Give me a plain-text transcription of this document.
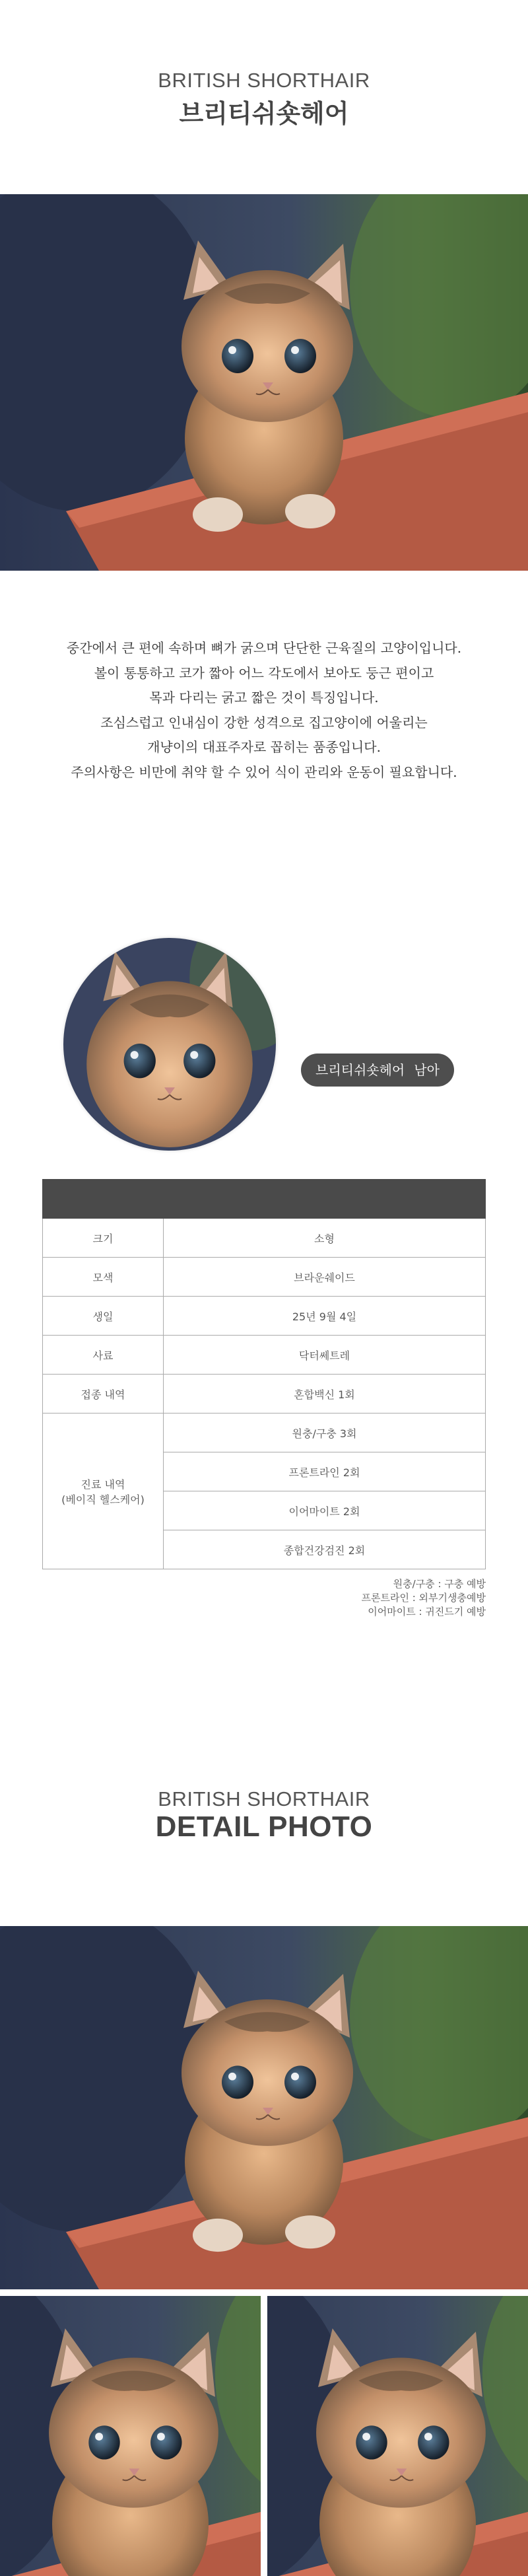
BRITISH SHORTHAIR
브리티쉬숏헤어
중간에서 큰 편에 속하며 뼈가 굵으며 단단한 근육질의 고양이입니다.
볼이 통통하고 코가 짧아 어느 각도에서 보아도 둥근 편이고
목과 다리는 굵고 짧은 것이 특징입니다.
조심스럽고 인내심이 강한 성격으로 집고양이에 어울리는
개냥이의 대표주자로 꼽히는 품종입니다.
주의사항은 비만에 취약 할 수 있어 식이 관리와 운동이 필요합니다.
브리티쉬숏헤어 남아

크기	소형
모색	브라운쉐이드
생일	25년 9월 4일
사료	닥터쎄트레
접종 내역	혼합백신 1회

진료 내역
(베이직 헬스케어)	원충/구충 3회
	프론트라인 2회
	이어마이트 2회
	종합건강검진 2회
원충/구충 : 구충 예방
프론트라인 : 외부기생충예방
이어마이트 : 귀진드기 예방
BRITISH SHORTHAIR
DETAIL PHOTO
